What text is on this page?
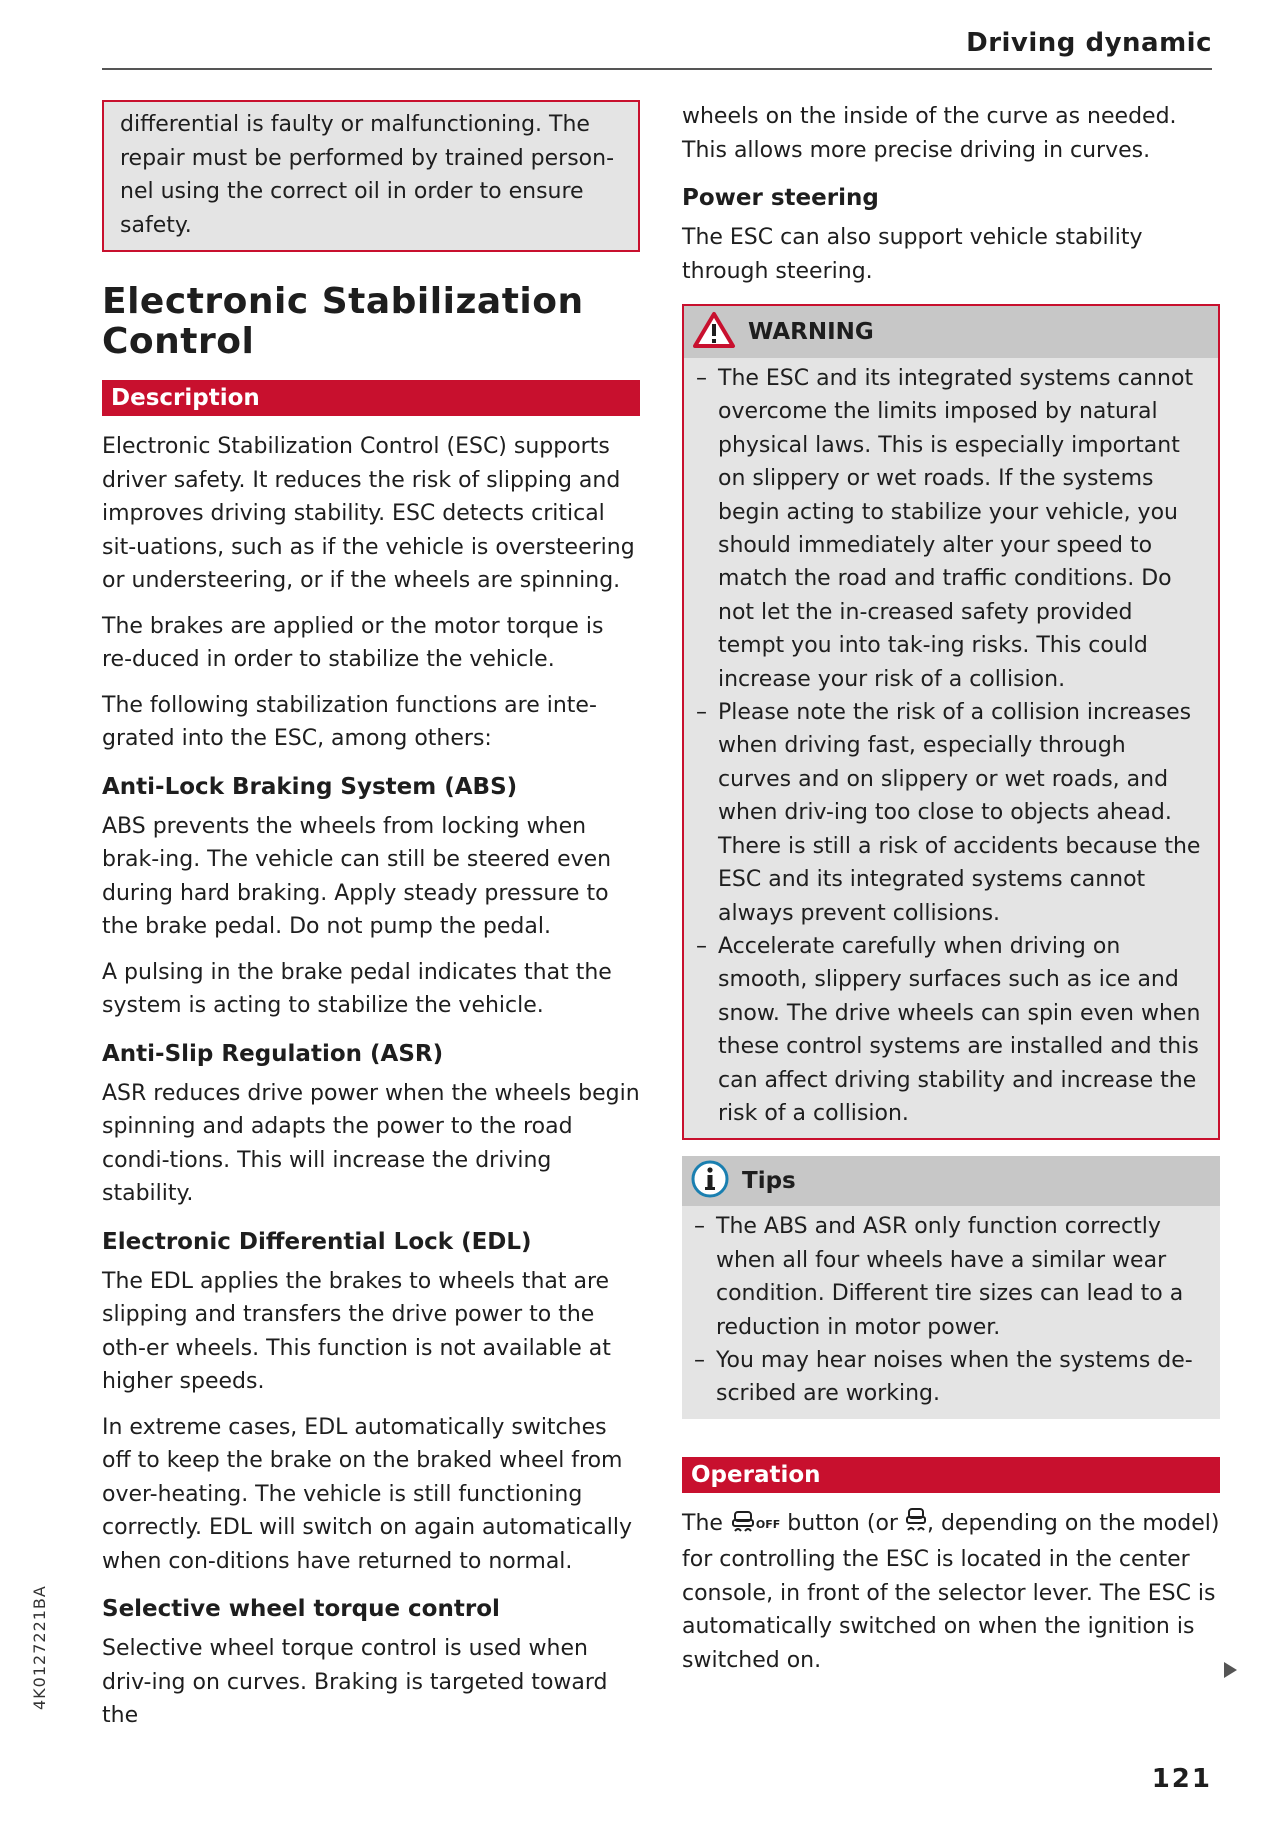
Driving dynamic

differential is faulty or malfunctioning. The repair must be performed by trained person-nel using the correct oil in order to ensure safety.

Electronic Stabilization Control
Description

Electronic Stabilization Control (ESC) supports driver safety. It reduces the risk of slipping and improves driving stability. ESC detects critical sit-uations, such as if the vehicle is oversteering or understeering, or if the wheels are spinning.

The brakes are applied or the motor torque is re-duced in order to stabilize the vehicle.

The following stabilization functions are inte-grated into the ESC, among others:

Anti-Lock Braking System (ABS)

ABS prevents the wheels from locking when brak-ing. The vehicle can still be steered even during hard braking. Apply steady pressure to the brake pedal. Do not pump the pedal.

A pulsing in the brake pedal indicates that the system is acting to stabilize the vehicle.

Anti-Slip Regulation (ASR)

ASR reduces drive power when the wheels begin spinning and adapts the power to the road condi-tions. This will increase the driving stability.

Electronic Differential Lock (EDL)

The EDL applies the brakes to wheels that are slipping and transfers the drive power to the oth-er wheels. This function is not available at higher speeds.

In extreme cases, EDL automatically switches off to keep the brake on the braked wheel from over-heating. The vehicle is still functioning correctly. EDL will switch on again automatically when con-ditions have returned to normal.

Selective wheel torque control

Selective wheel torque control is used when driv-ing on curves. Braking is targeted toward the

wheels on the inside of the curve as needed. This allows more precise driving in curves.

Power steering

The ESC can also support vehicle stability through steering.

WARNING
– The ESC and its integrated systems cannot overcome the limits imposed by natural physical laws. This is especially important on slippery or wet roads. If the systems begin acting to stabilize your vehicle, you should immediately alter your speed to match the road and traffic conditions. Do not let the in-creased safety provided tempt you into tak-ing risks. This could increase your risk of a collision.
– Please note the risk of a collision increases when driving fast, especially through curves and on slippery or wet roads, and when driv-ing too close to objects ahead. There is still a risk of accidents because the ESC and its integrated systems cannot always prevent collisions.
– Accelerate carefully when driving on smooth, slippery surfaces such as ice and snow. The drive wheels can spin even when these control systems are installed and this can affect driving stability and increase the risk of a collision.
Tips
– The ABS and ASR only function correctly when all four wheels have a similar wear condition. Different tire sizes can lead to a reduction in motor power.
– You may hear noises when the systems de-scribed are working.
Operation

The OFF button (or , depending on the model) for controlling the ESC is located in the center console, in front of the selector lever. The ESC is automatically switched on when the ignition is switched on.

121
4K0127221BA
